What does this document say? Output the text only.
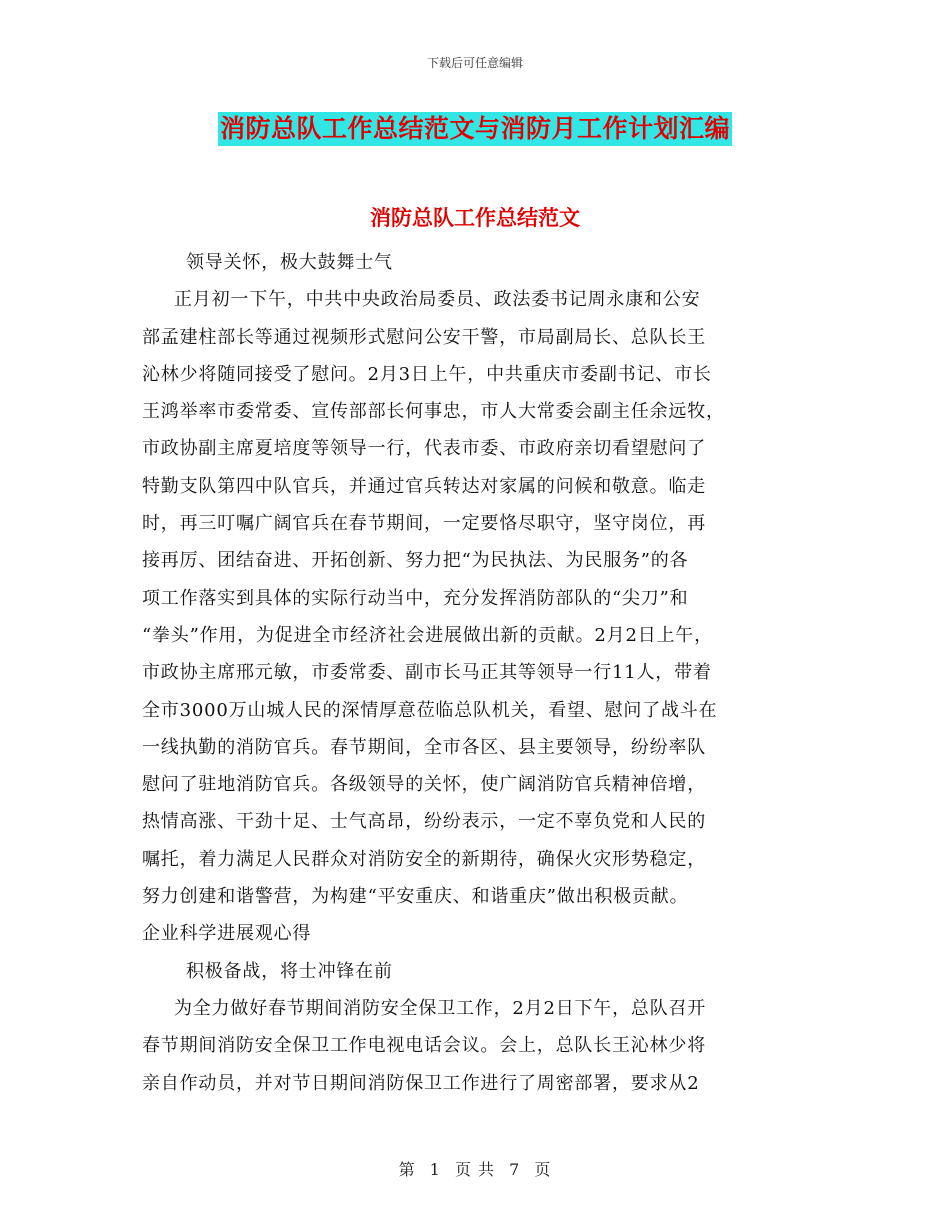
下载后可任意编辑
消防总队工作总结范文与消防月工作计划汇编
消防总队工作总结范文
领导关怀，极大鼓舞士气
正月初一下午，中共中央政治局委员、政法委书记周永康和公安
部孟建柱部长等通过视频形式慰问公安干警，市局副局长、总队长王
沁林少将随同接受了慰问。2月3日上午，中共重庆市委副书记、市长
王鸿举率市委常委、宣传部部长何事忠，市人大常委会副主任余远牧，
市政协副主席夏培度等领导一行，代表市委、市政府亲切看望慰问了
特勤支队第四中队官兵，并通过官兵转达对家属的问候和敬意。临走
时，再三叮嘱广阔官兵在春节期间，一定要恪尽职守，坚守岗位，再
接再厉、团结奋进、开拓创新、努力把“为民执法、为民服务”的各
项工作落实到具体的实际行动当中，充分发挥消防部队的“尖刀”和
“拳头”作用，为促进全市经济社会进展做出新的贡献。2月2日上午，
市政协主席邢元敏，市委常委、副市长马正其等领导一行11人，带着
全市3000万山城人民的深情厚意莅临总队机关，看望、慰问了战斗在
一线执勤的消防官兵。春节期间，全市各区、县主要领导，纷纷率队
慰问了驻地消防官兵。各级领导的关怀，使广阔消防官兵精神倍增，
热情高涨、干劲十足、士气高昂，纷纷表示，一定不辜负党和人民的
嘱托，着力满足人民群众对消防安全的新期待，确保火灾形势稳定，
努力创建和谐警营，为构建“平安重庆、和谐重庆”做出积极贡献。
企业科学进展观心得
积极备战，将士冲锋在前
为全力做好春节期间消防安全保卫工作，2月2日下午，总队召开
春节期间消防安全保卫工作电视电话会议。会上，总队长王沁林少将
亲自作动员，并对节日期间消防保卫工作进行了周密部署，要求从2
第 1 页 共 7 页
